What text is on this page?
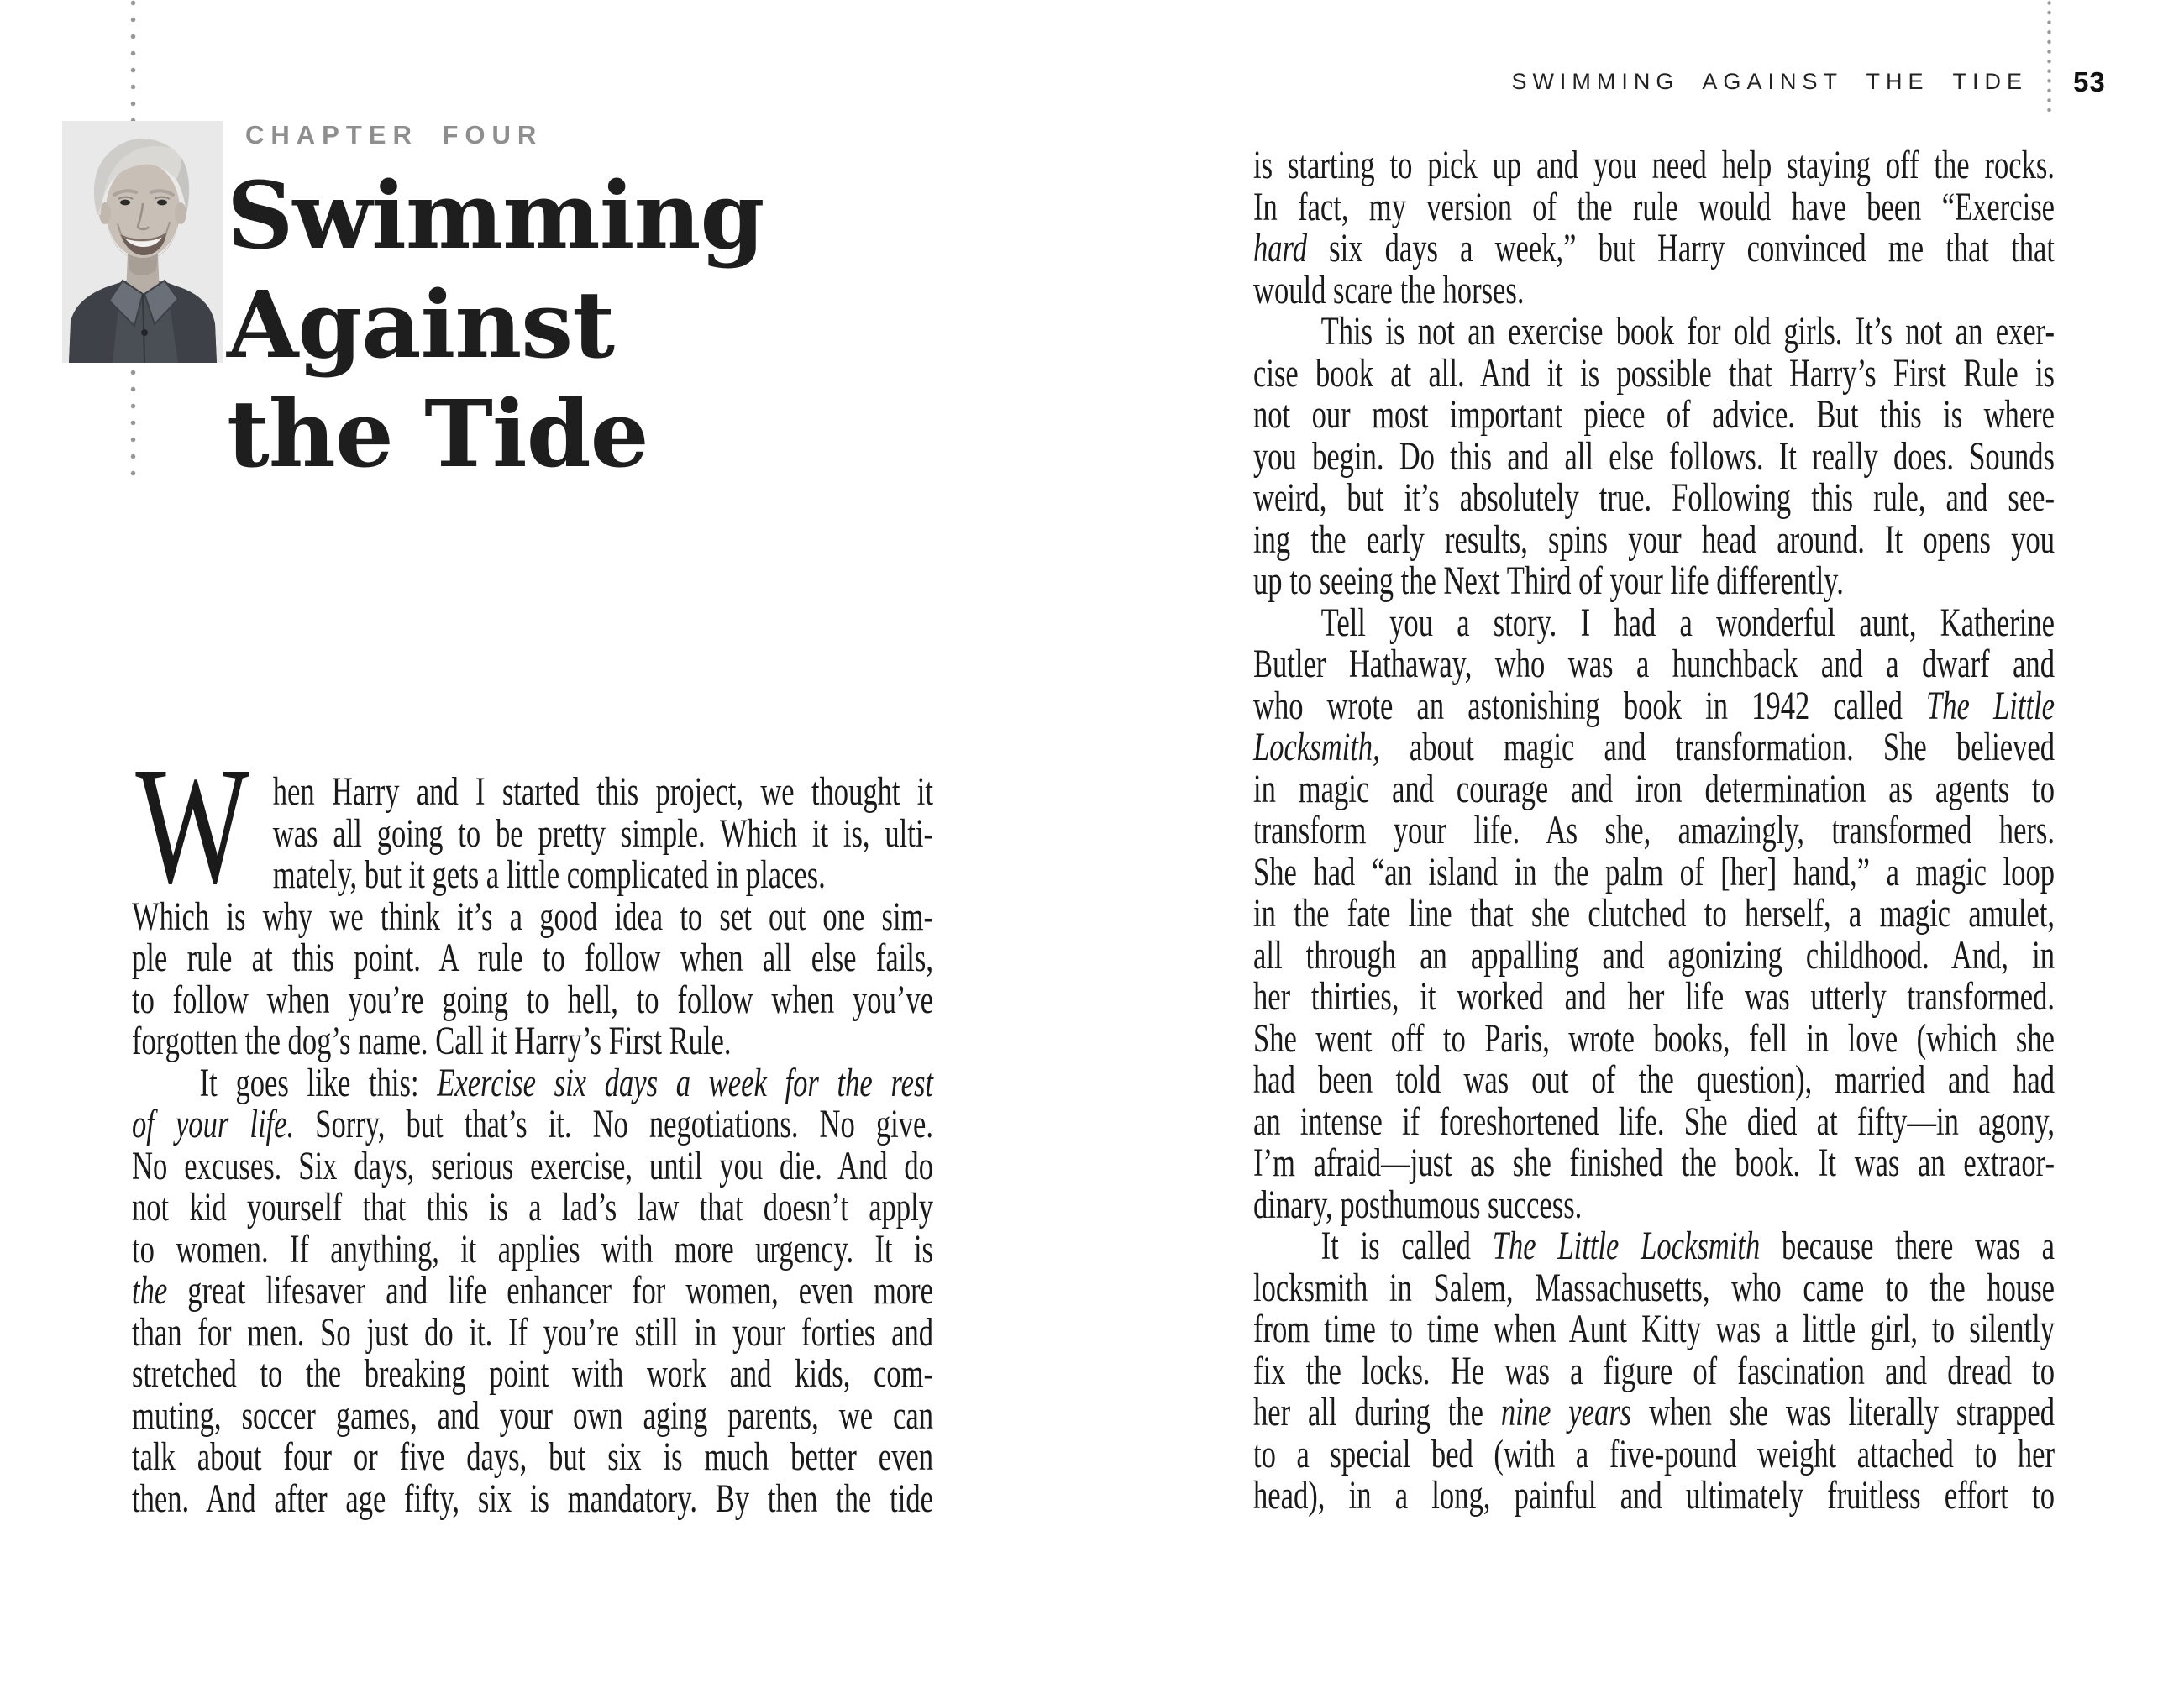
CHAPTER FOUR
Swimming
Against
the Tide
SWIMMING AGAINST THE TIDE 53
W hen Harry and I started this project, we thought it
was all going to be pretty simple. Which it is, ulti-
mately, but it gets a little complicated in places.
Which is why we think it’s a good idea to set out one sim-
ple rule at this point. A rule to follow when all else fails,
to follow when you’re going to hell, to follow when you’ve
forgotten the dog’s name. Call it Harry’s First Rule.
It goes like this: Exercise six days a week for the rest
of your life. Sorry, but that’s it. No negotiations. No give.
No excuses. Six days, serious exercise, until you die. And do
not kid yourself that this is a lad’s law that doesn’t apply
to women. If anything, it applies with more urgency. It is
the great lifesaver and life enhancer for women, even more
than for men. So just do it. If you’re still in your forties and
stretched to the breaking point with work and kids, com-
muting, soccer games, and your own aging parents, we can
talk about four or five days, but six is much better even
then. And after age fifty, six is mandatory. By then the tide
is starting to pick up and you need help staying off the rocks.
In fact, my version of the rule would have been “Exercise
hard six days a week,” but Harry convinced me that that
would scare the horses.
This is not an exercise book for old girls. It’s not an exer-
cise book at all. And it is possible that Harry’s First Rule is
not our most important piece of advice. But this is where
you begin. Do this and all else follows. It really does. Sounds
weird, but it’s absolutely true. Following this rule, and see-
ing the early results, spins your head around. It opens you
up to seeing the Next Third of your life differently.
Tell you a story. I had a wonderful aunt, Katherine
Butler Hathaway, who was a hunchback and a dwarf and
who wrote an astonishing book in 1942 called The Little
Locksmith, about magic and transformation. She believed
in magic and courage and iron determination as agents to
transform your life. As she, amazingly, transformed hers.
She had “an island in the palm of [her] hand,” a magic loop
in the fate line that she clutched to herself, a magic amulet,
all through an appalling and agonizing childhood. And, in
her thirties, it worked and her life was utterly transformed.
She went off to Paris, wrote books, fell in love (which she
had been told was out of the question), married and had
an intense if foreshortened life. She died at fifty—in agony,
I’m afraid—just as she finished the book. It was an extraor-
dinary, posthumous success.
It is called The Little Locksmith because there was a
locksmith in Salem, Massachusetts, who came to the house
from time to time when Aunt Kitty was a little girl, to silently
fix the locks. He was a figure of fascination and dread to
her all during the nine years when she was literally strapped
to a special bed (with a five-pound weight attached to her
head), in a long, painful and ultimately fruitless effort to
